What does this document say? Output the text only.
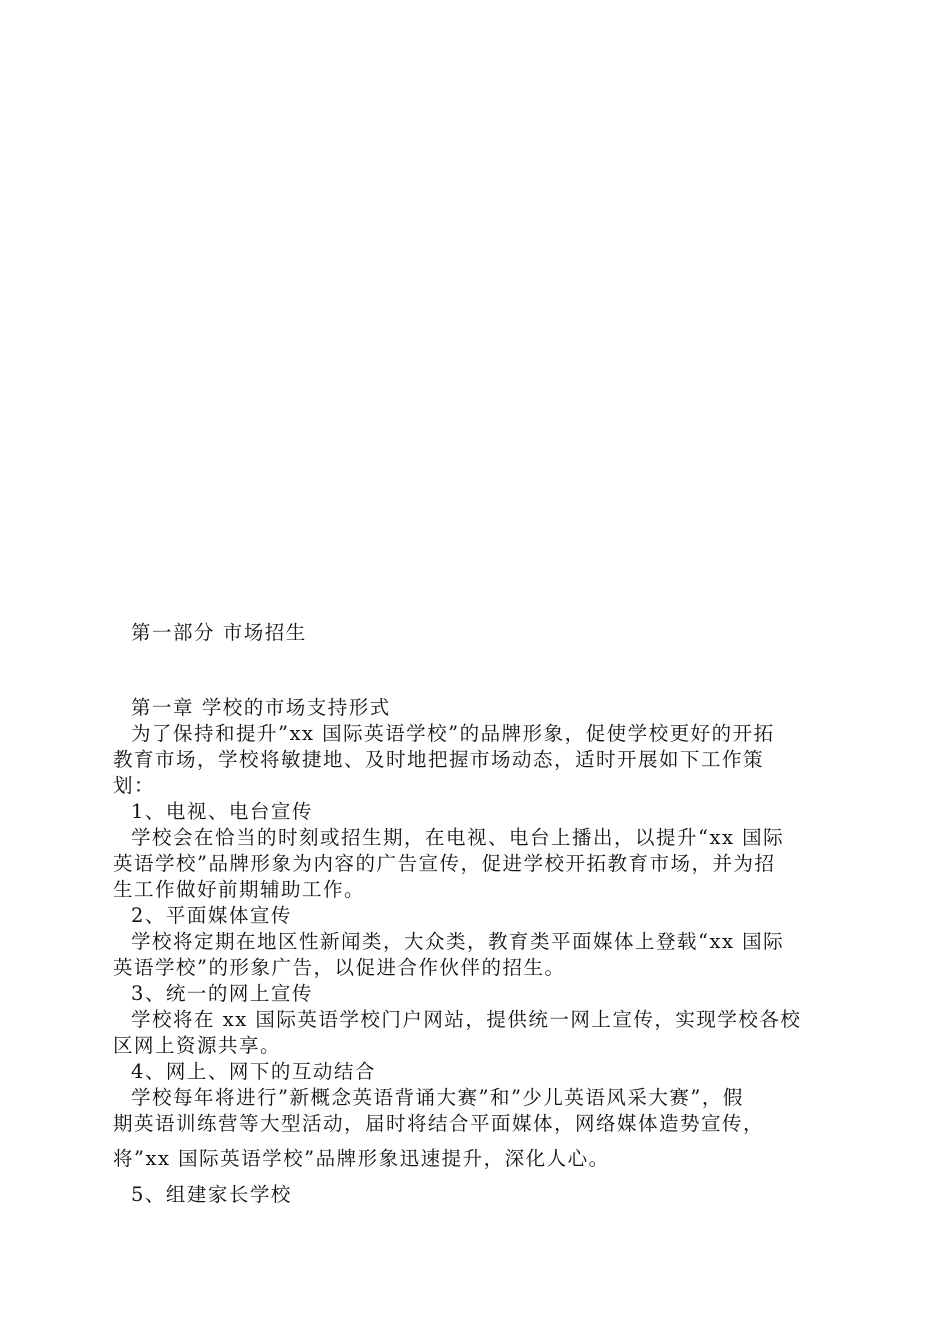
第一部分 市场招生
第一章 学校的市场支持形式
为了保持和提升”xx 国际英语学校”的品牌形象，促使学校更好的开拓
教育市场，学校将敏捷地、及时地把握市场动态，适时开展如下工作策
划：
1、电视、电台宣传
学校会在恰当的时刻或招生期，在电视、电台上播出，以提升“xx 国际
英语学校”品牌形象为内容的广告宣传，促进学校开拓教育市场，并为招
生工作做好前期辅助工作。
2、平面媒体宣传
学校将定期在地区性新闻类，大众类，教育类平面媒体上登载“xx 国际
英语学校”的形象广告，以促进合作伙伴的招生。
3、统一的网上宣传
学校将在 xx 国际英语学校门户网站，提供统一网上宣传，实现学校各校
区网上资源共享。
4、网上、网下的互动结合
学校每年将进行”新概念英语背诵大赛”和”少儿英语风采大赛”，假
期英语训练营等大型活动，届时将结合平面媒体，网络媒体造势宣传，
将”xx 国际英语学校”品牌形象迅速提升，深化人心。
5、组建家长学校
